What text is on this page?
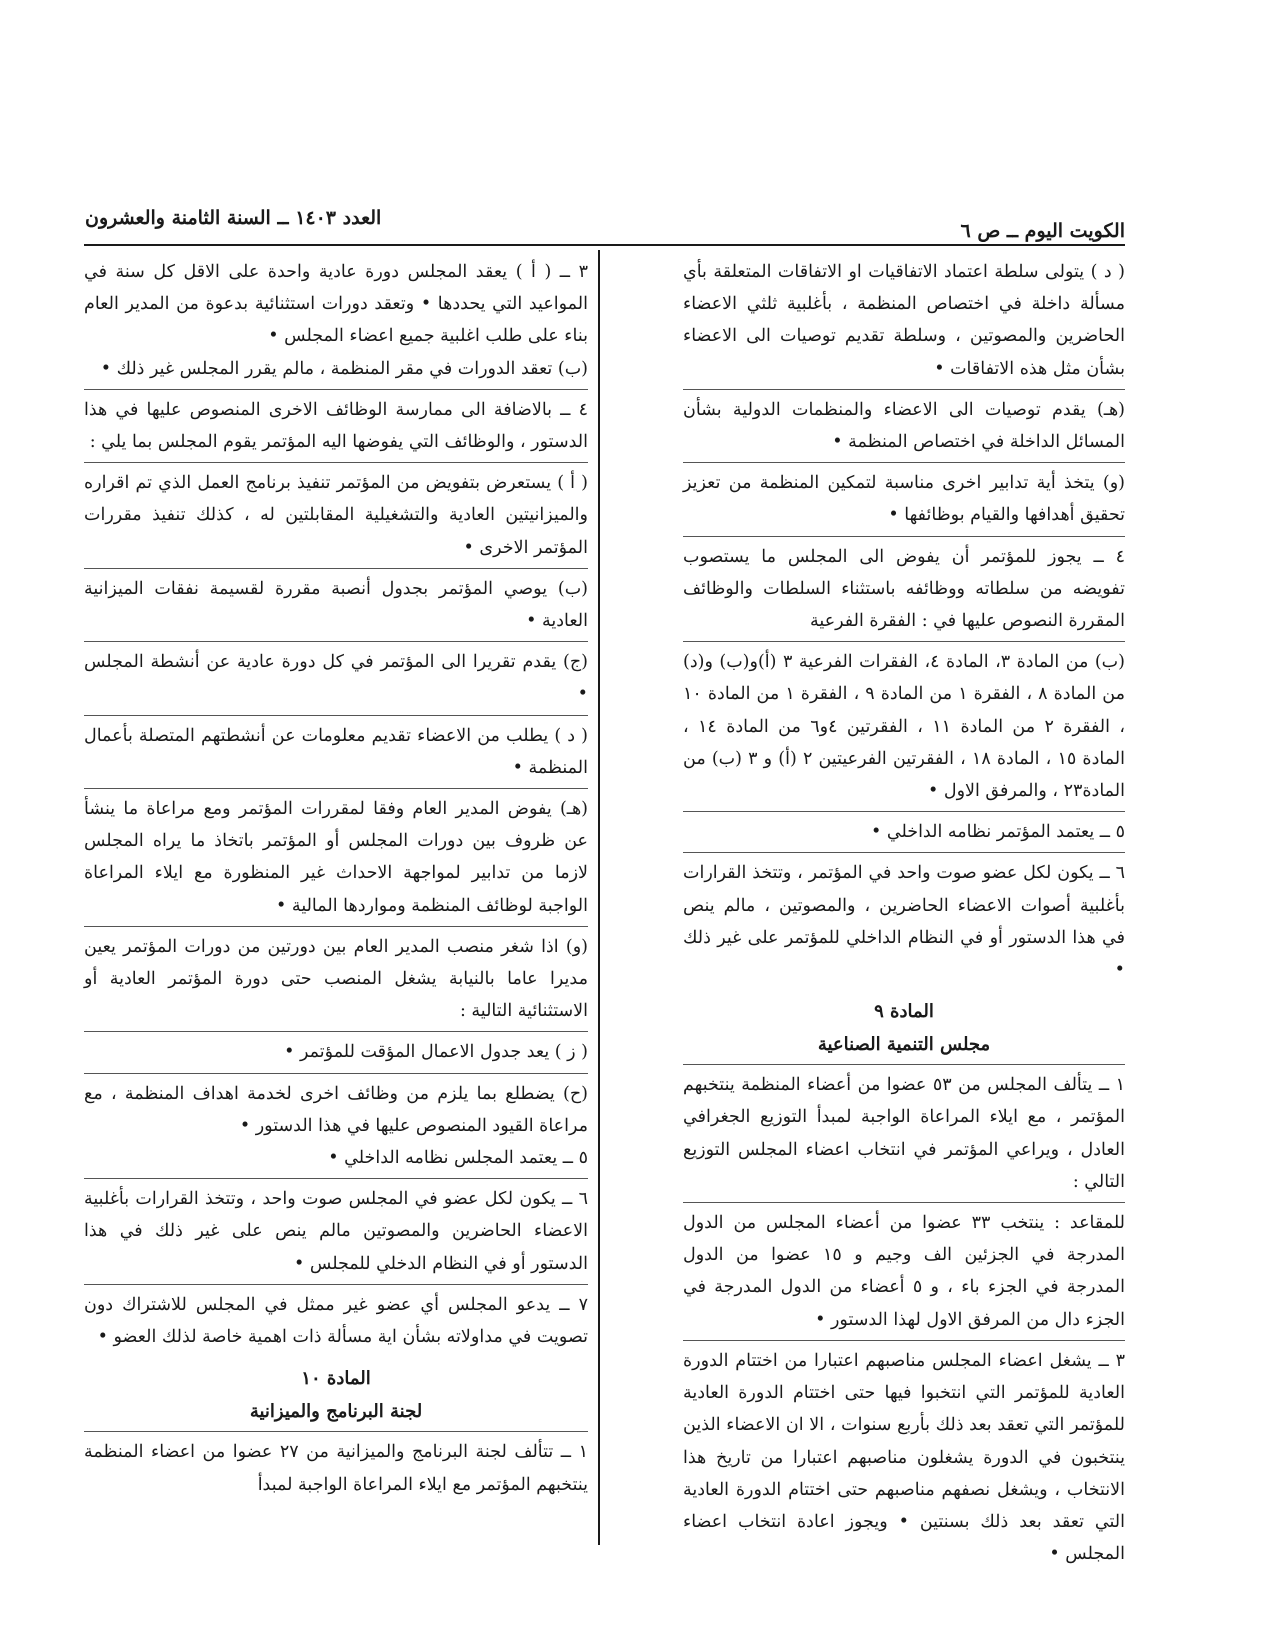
الكويت اليوم ــ ص ٦
العدد ١٤٠٣ ــ السنة الثامنة والعشرون

( د ) يتولى سلطة اعتماد الاتفاقيات او الاتفاقات المتعلقة بأي مسألة داخلة في اختصاص المنظمة ، بأغلبية ثلثي الاعضاء الحاضرين والمصوتين ، وسلطة تقديم توصيات الى الاعضاء بشأن مثل هذه الاتفاقات •

(هـ) يقدم توصيات الى الاعضاء والمنظمات الدولية بشأن المسائل الداخلة في اختصاص المنظمة •

(و) يتخذ أية تدابير اخرى مناسبة لتمكين المنظمة من تعزيز تحقيق أهدافها والقيام بوظائفها •

٤ ــ يجوز للمؤتمر أن يفوض الى المجلس ما يستصوب تفويضه من سلطاته ووظائفه باستثناء السلطات والوظائف المقررة النصوص عليها في : الفقرة الفرعية

(ب) من المادة ٣، المادة ٤، الفقرات الفرعية ٣ (أ)و(ب) و(د) من المادة ٨ ، الفقرة ١ من المادة ٩ ، الفقرة ١ من المادة ١٠ ، الفقرة ٢ من المادة ١١ ، الفقرتين ٤و٦ من المادة ١٤ ، المادة ١٥ ، المادة ١٨ ، الفقرتين الفرعيتين ٢ (أ) و ٣ (ب) من المادة٢٣ ، والمرفق الاول •

٥ ــ يعتمد المؤتمر نظامه الداخلي •

٦ ــ يكون لكل عضو صوت واحد في المؤتمر ، وتتخذ القرارات بأغلبية أصوات الاعضاء الحاضرين ، والمصوتين ، مالم ينص في هذا الدستور أو في النظام الداخلي للمؤتمر على غير ذلك •

المادة ٩
مجلس التنمية الصناعية

١ ــ يتألف المجلس من ٥٣ عضوا من أعضاء المنظمة ينتخبهم المؤتمر ، مع ايلاء المراعاة الواجبة لمبدأ التوزيع الجغرافي العادل ، ويراعي المؤتمر في انتخاب اعضاء المجلس التوزيع التالي :

للمقاعد : ينتخب ٣٣ عضوا من أعضاء المجلس من الدول المدرجة في الجزئين الف وجيم و ١٥ عضوا من الدول المدرجة في الجزء باء ، و ٥ أعضاء من الدول المدرجة في الجزء دال من المرفق الاول لهذا الدستور •

٣ ــ يشغل اعضاء المجلس مناصبهم اعتبارا من اختتام الدورة العادية للمؤتمر التي انتخبوا فيها حتى اختتام الدورة العادية للمؤتمر التي تعقد بعد ذلك بأربع سنوات ، الا ان الاعضاء الذين ينتخبون في الدورة يشغلون مناصبهم اعتبارا من تاريخ هذا الانتخاب ، ويشغل نصفهم مناصبهم حتى اختتام الدورة العادية التي تعقد بعد ذلك بسنتين • ويجوز اعادة انتخاب اعضاء المجلس •

٣ ــ ( أ ) يعقد المجلس دورة عادية واحدة على الاقل كل سنة في المواعيد التي يحددها • وتعقد دورات استثنائية بدعوة من المدير العام بناء على طلب اغلبية جميع اعضاء المجلس •

(ب) تعقد الدورات في مقر المنظمة ، مالم يقرر المجلس غير ذلك •

٤ ــ بالاضافة الى ممارسة الوظائف الاخرى المنصوص عليها في هذا الدستور ، والوظائف التي يفوضها اليه المؤتمر يقوم المجلس بما يلي :

( أ ) يستعرض بتفويض من المؤتمر تنفيذ برنامج العمل الذي تم اقراره والميزانيتين العادية والتشغيلية المقابلتين له ، كذلك تنفيذ مقررات المؤتمر الاخرى •

(ب) يوصي المؤتمر بجدول أنصبة مقررة لقسيمة نفقات الميزانية العادية •

(ج) يقدم تقريرا الى المؤتمر في كل دورة عادية عن أنشطة المجلس •

( د ) يطلب من الاعضاء تقديم معلومات عن أنشطتهم المتصلة بأعمال المنظمة •

(هـ) يفوض المدير العام وفقا لمقررات المؤتمر ومع مراعاة ما ينشأ عن ظروف بين دورات المجلس أو المؤتمر باتخاذ ما يراه المجلس لازما من تدابير لمواجهة الاحداث غير المنظورة مع ايلاء المراعاة الواجبة لوظائف المنظمة ومواردها المالية •

(و) اذا شغر منصب المدير العام بين دورتين من دورات المؤتمر يعين مديرا عاما بالنيابة يشغل المنصب حتى دورة المؤتمر العادية أو الاستثنائية التالية :

( ز ) يعد جدول الاعمال المؤقت للمؤتمر •

(ح) يضطلع بما يلزم من وظائف اخرى لخدمة اهداف المنظمة ، مع مراعاة القيود المنصوص عليها في هذا الدستور •

٥ ــ يعتمد المجلس نظامه الداخلي •

٦ ــ يكون لكل عضو في المجلس صوت واحد ، وتتخذ القرارات بأغلبية الاعضاء الحاضرين والمصوتين مالم ينص على غير ذلك في هذا الدستور أو في النظام الدخلي للمجلس •

٧ ــ يدعو المجلس أي عضو غير ممثل في المجلس للاشتراك دون تصويت في مداولاته بشأن اية مسألة ذات اهمية خاصة لذلك العضو •

المادة ١٠
لجنة البرنامج والميزانية

١ ــ تتألف لجنة البرنامج والميزانية من ٢٧ عضوا من اعضاء المنظمة ينتخبهم المؤتمر مع ايلاء المراعاة الواجبة لمبدأ
